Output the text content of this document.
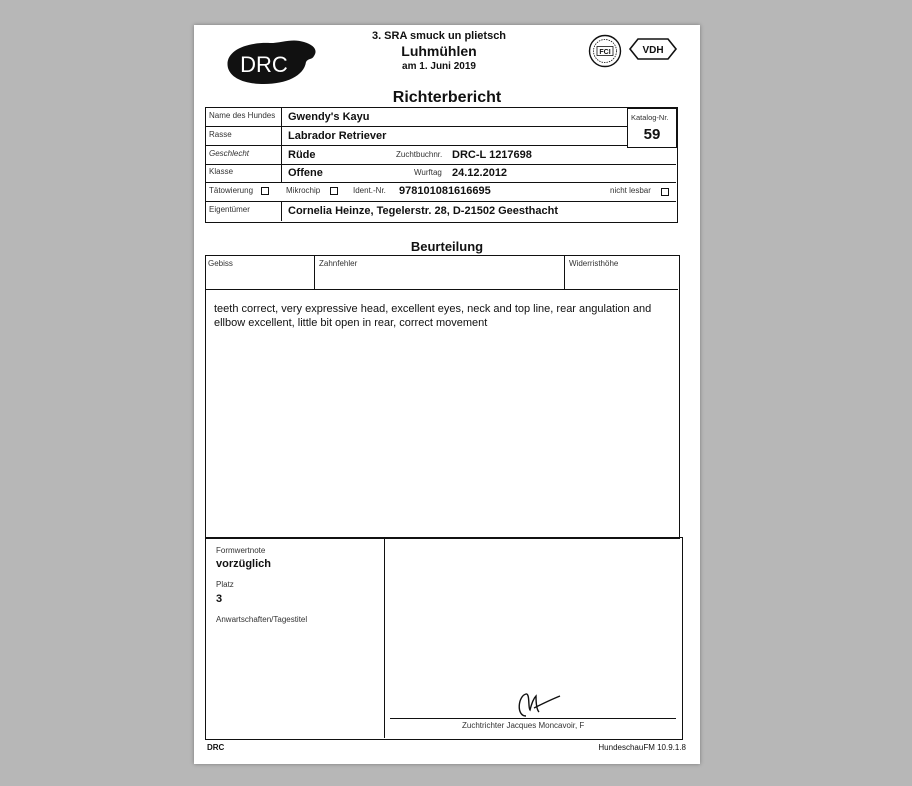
DRC
3. SRA smuck un plietsch
Luhmühlen
am 1. Juni 2019
FCI	VDH
Richterbericht
Name des Hundes Gwendy's Kayu
Rasse	Labrador Retriever
Geschlecht	Rüde	Zuchtbuchnr. DRC-L 1217698
Klasse	Offene	Wurftag 24.12.2012
Tätowierung	Mikrochip	Ident.-Nr. 978101081616695	nicht lesbar
Eigentümer	Cornelia Heinze, Tegelerstr. 28, D-21502 Geesthacht
Katalog-Nr.
59
Beurteilung
Gebiss	Zahnfehler	Widerristhöhe
teeth correct, very expressive head, excellent eyes, neck and top line, rear angulation and ellbow excellent, little bit open in rear, correct movement
Formwertnote
vorzüglich
Platz
3
Anwartschaften/Tagestitel
Zuchtrichter Jacques Moncavoir, F
DRC	HundeschauFM 10.9.1.8
